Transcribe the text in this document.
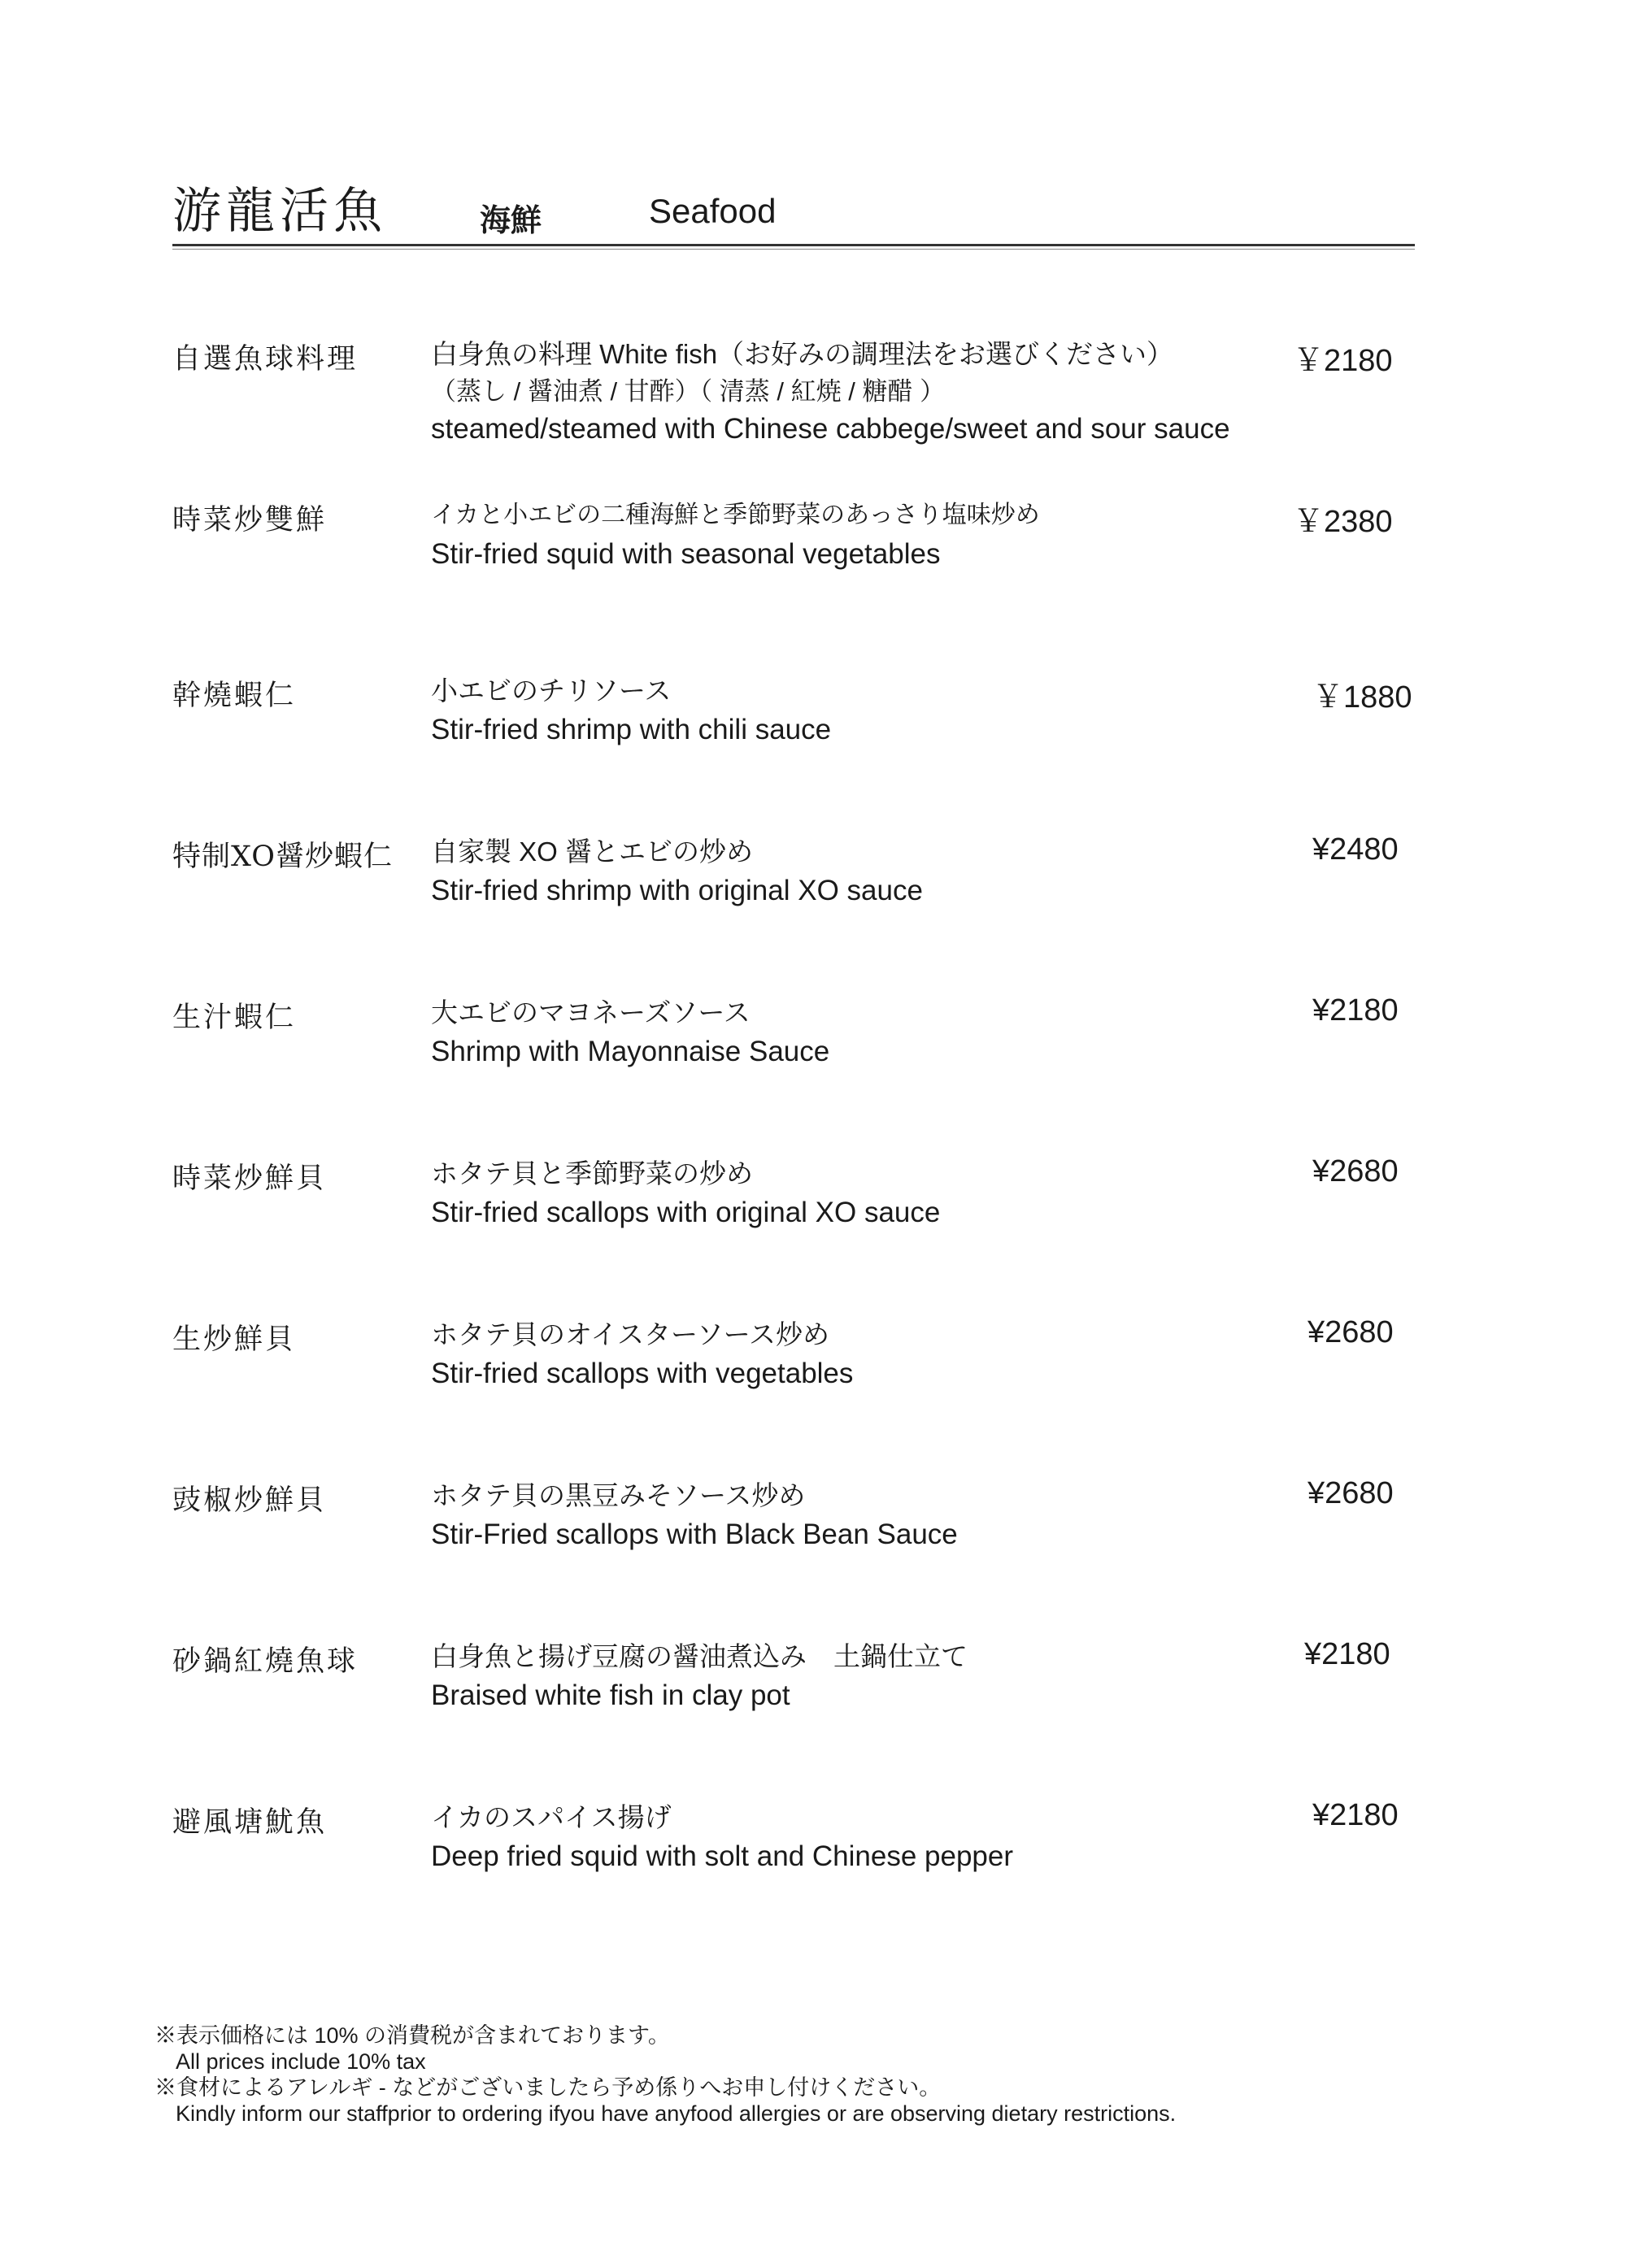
游龍活魚	海鮮	Seafood
自選魚球料理	白身魚の料理 White fish（お好みの調理法をお選びください）
（蒸し / 醤油煮 / 甘酢）（ 清蒸 / 紅焼 / 糖醋 ）
steamed/steamed with Chinese cabbege/sweet and sour sauce
￥2180
時菜炒雙鮮	イカと小エビの二種海鮮と季節野菜のあっさり塩味炒め
Stir-fried squid with seasonal vegetables
￥2380
幹燒蝦仁	小エビのチリソース
Stir-fried shrimp with chili sauce
￥1880
特制XO醤炒蝦仁 自家製 XO 醤とエビの炒め
Stir-fried shrimp with original XO sauce
¥2480
生汁蝦仁	大エビのマヨネーズソース
Shrimp with Mayonnaise Sauce
¥2180
時菜炒鮮貝	ホタテ貝と季節野菜の炒め
Stir-fried scallops with original XO sauce
¥2680
生炒鮮貝	ホタテ貝のオイスターソース炒め
Stir-fried scallops with vegetables
¥2680
豉椒炒鮮貝	ホタテ貝の黒豆みそソース炒め
Stir-Fried scallops with Black Bean Sauce
¥2680
砂鍋紅燒魚球	白身魚と揚げ豆腐の醤油煮込み　土鍋仕立て
Braised white fish in clay pot
¥2180
避風塘魷魚	イカのスパイス揚げ
Deep fried squid with solt and Chinese pepper
¥2180
※表示価格には 10% の消費税が含まれております。
All prices include 10% tax
※食材によるアレルギ - などがございましたら予め係りへお申し付けください。
Kindly inform our staffprior to ordering ifyou have anyfood allergies or are observing dietary restrictions.
